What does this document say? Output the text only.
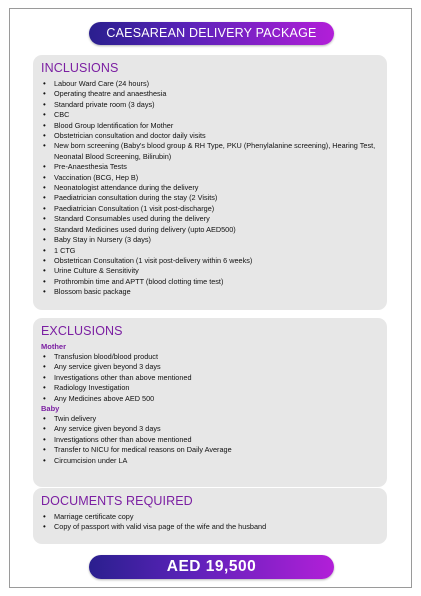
CAESAREAN DELIVERY PACKAGE
INCLUSIONS
• Labour Ward Care (24 hours)
• Operating theatre and anaesthesia
• Standard private room (3 days)
• CBC
• Blood Group Identification for Mother
• Obstetrician consultation and doctor daily visits
• New born screening (Baby's blood group & RH Type, PKU (Phenylalanine screening), Hearing Test, Neonatal Blood Screening, Bilirubin)
• Pre-Anaesthesia Tests
• Vaccination (BCG, Hep B)
• Neonatologist attendance during the delivery
• Paediatrician consultation during the stay (2 Visits)
• Paediatrician Consultation (1 visit post-discharge)
• Standard Consumables used during the delivery
• Standard Medicines used during delivery (upto AED500)
• Baby Stay in Nursery (3 days)
• 1 CTG
• Obstetrican Consultation (1 visit post-delivery within 6 weeks)
• Urine Culture & Sensitivity
• Prothrombin time and APTT (blood clotting time test)
• Blossom basic package
EXCLUSIONS
Mother
• Transfusion blood/blood product
• Any service given beyond 3 days
• Investigations other than above mentioned
• Radiology Investigation
• Any Medicines above AED 500
Baby
• Twin delivery
• Any service given beyond 3 days
• Investigations other than above mentioned
• Transfer to NICU for medical reasons on Daily Average
• Circumcision under LA
DOCUMENTS REQUIRED
• Marriage certificate copy
• Copy of passport with valid visa page of the wife and the husband
AED 19,500
